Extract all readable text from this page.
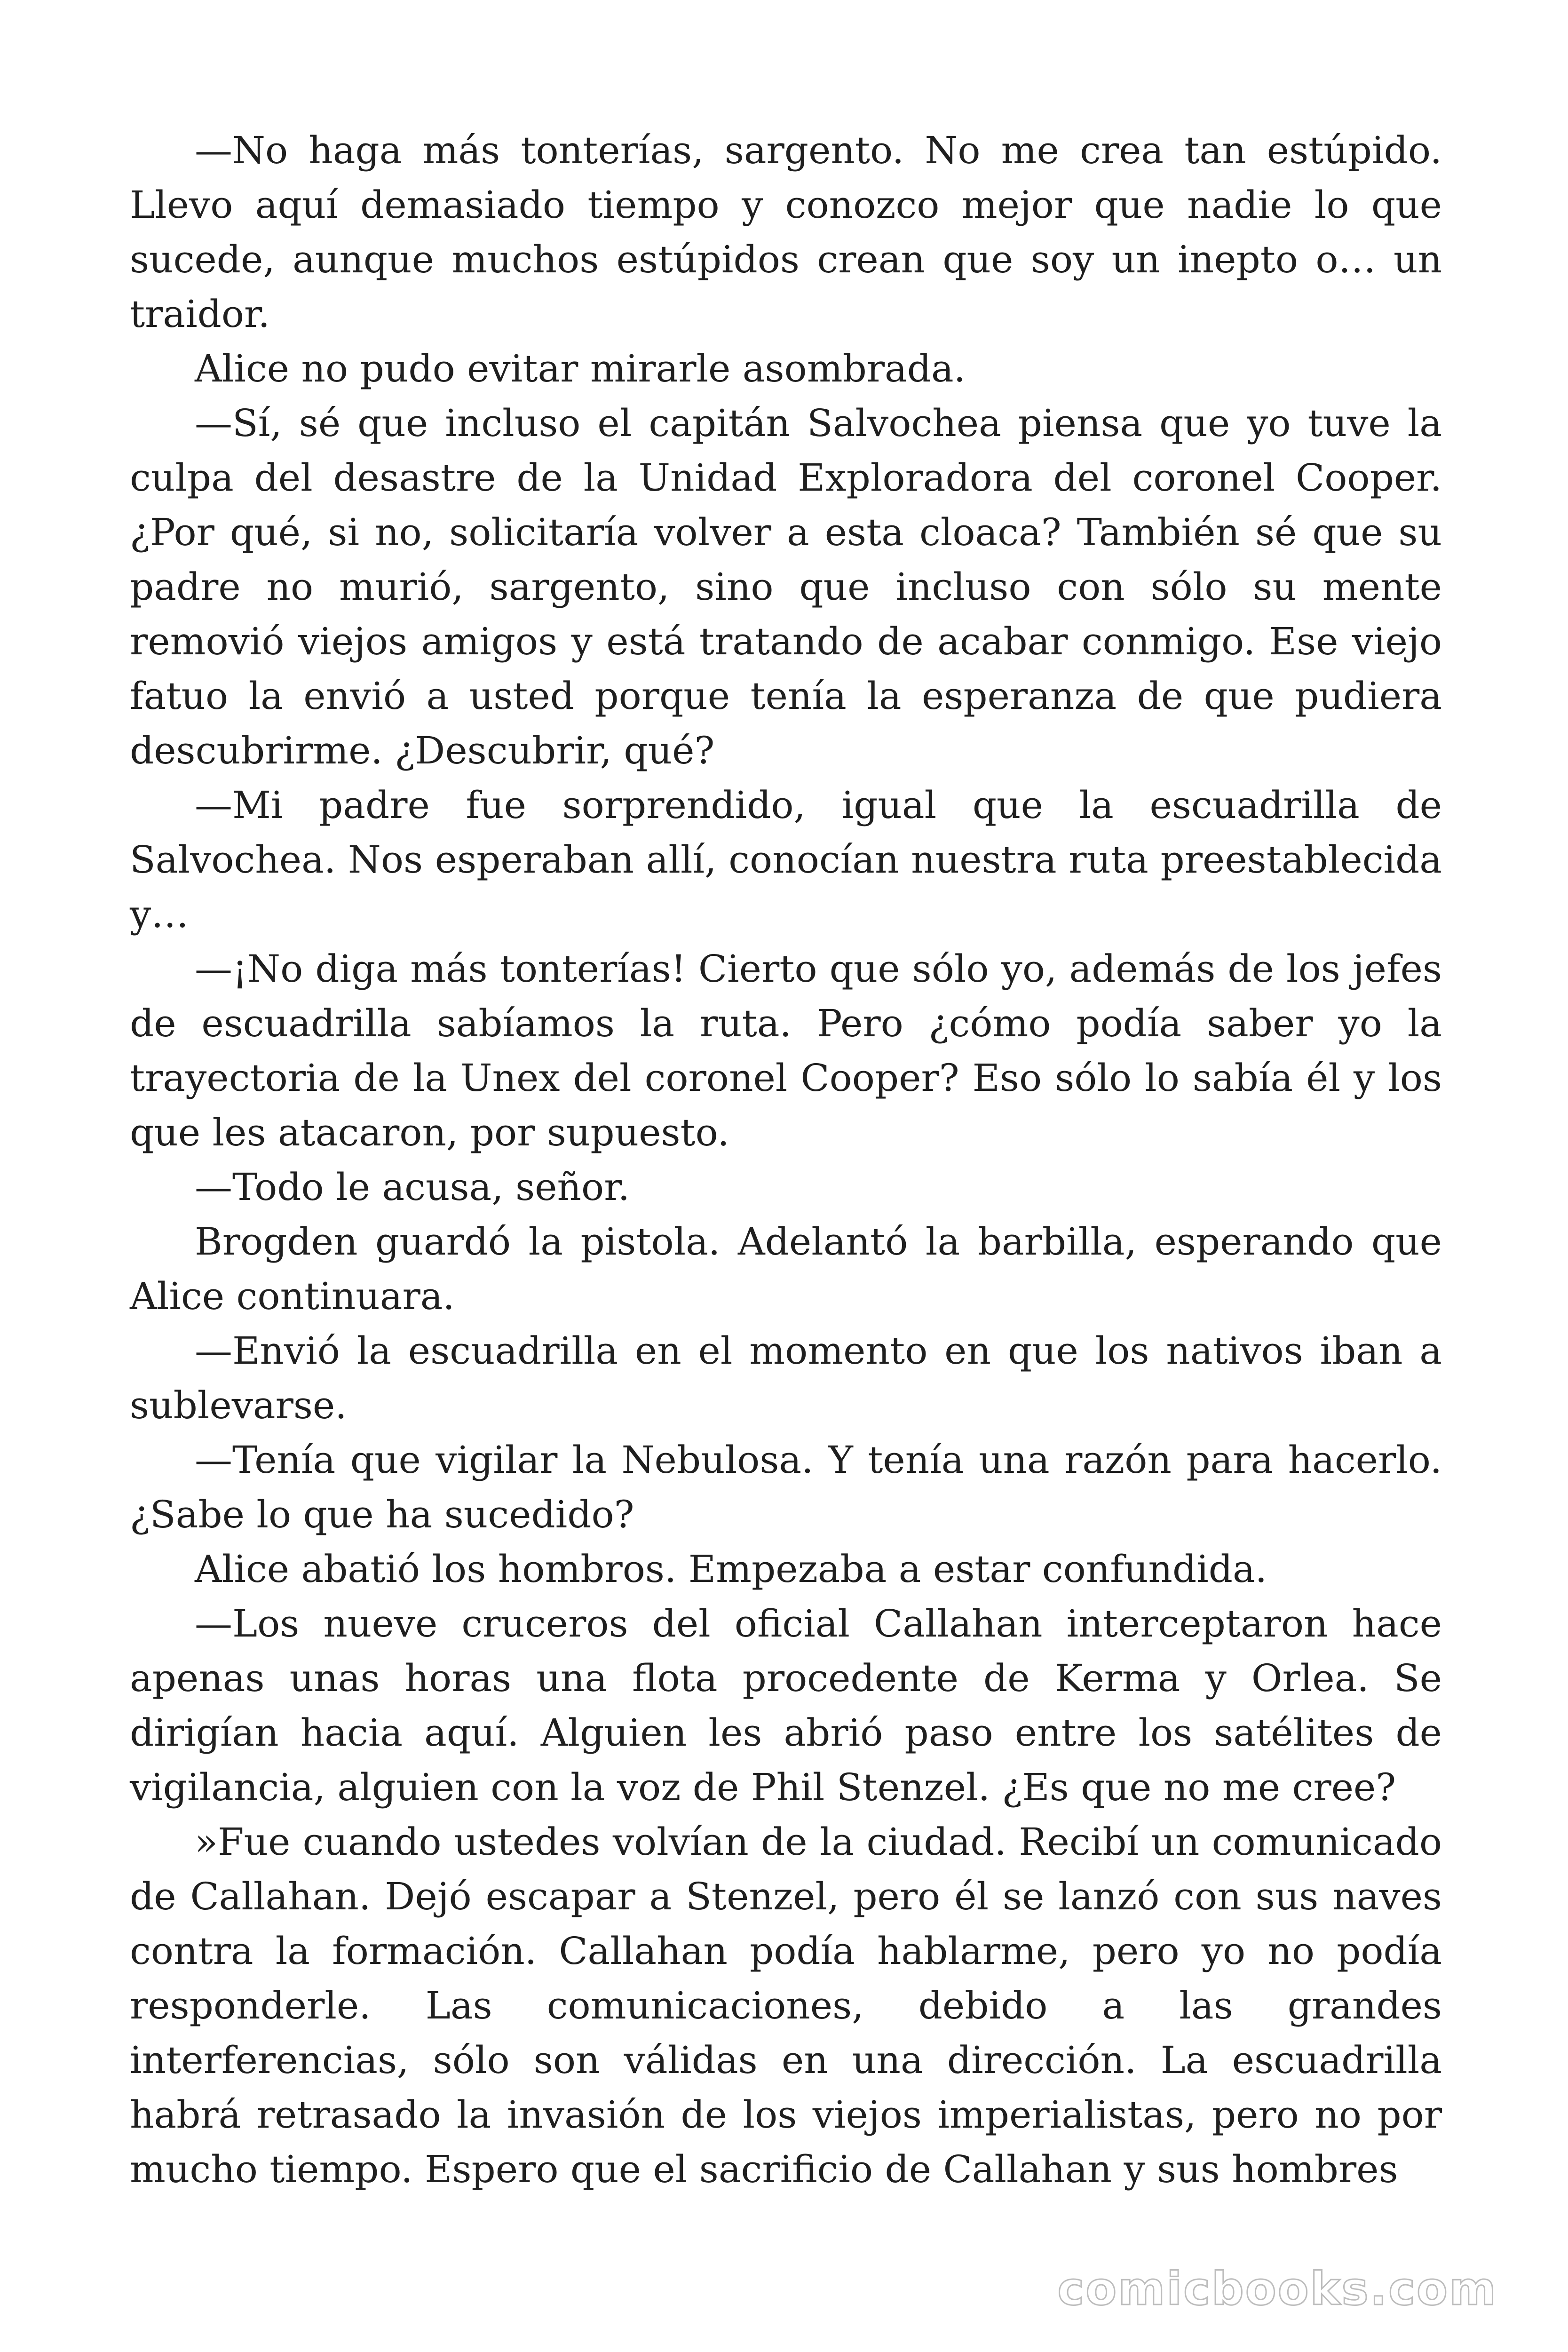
—No haga más tonterías, sargento. No me crea tan estúpido. Llevo aquí demasiado tiempo y conozco mejor que nadie lo que sucede, aunque muchos estúpidos crean que soy un inepto o… un traidor.

Alice no pudo evitar mirarle asombrada.

—Sí, sé que incluso el capitán Salvochea piensa que yo tuve la culpa del desastre de la Unidad Exploradora del coronel Cooper. ¿Por qué, si no, solicitaría volver a esta cloaca? También sé que su padre no murió, sargento, sino que incluso con sólo su mente removió viejos amigos y está tratando de acabar conmigo. Ese viejo fatuo la envió a usted porque tenía la esperanza de que pudiera descubrirme. ¿Descubrir, qué?

—Mi padre fue sorprendido, igual que la escuadrilla de Salvochea. Nos esperaban allí, conocían nuestra ruta preestablecida y…

—¡No diga más tonterías! Cierto que sólo yo, además de los jefes de escuadrilla sabíamos la ruta. Pero ¿cómo podía saber yo la trayectoria de la Unex del coronel Cooper? Eso sólo lo sabía él y los que les atacaron, por supuesto.

—Todo le acusa, señor.

Brogden guardó la pistola. Adelantó la barbilla, esperando que Alice continuara.

—Envió la escuadrilla en el momento en que los nativos iban a sublevarse.

—Tenía que vigilar la Nebulosa. Y tenía una razón para hacerlo. ¿Sabe lo que ha sucedido?

Alice abatió los hombros. Empezaba a estar confundida.

—Los nueve cruceros del oficial Callahan interceptaron hace apenas unas horas una flota procedente de Kerma y Orlea. Se dirigían hacia aquí. Alguien les abrió paso entre los satélites de vigilancia, alguien con la voz de Phil Stenzel. ¿Es que no me cree?

»Fue cuando ustedes volvían de la ciudad. Recibí un comunicado de Callahan. Dejó escapar a Stenzel, pero él se lanzó con sus naves contra la formación. Callahan podía hablarme, pero yo no podía responderle. Las comunicaciones, debido a las grandes interferencias, sólo son válidas en una dirección. La escuadrilla habrá retrasado la invasión de los viejos imperialistas, pero no por mucho tiempo. Espero que el sacrificio de Callahan y sus hombres

comicbooks.com
